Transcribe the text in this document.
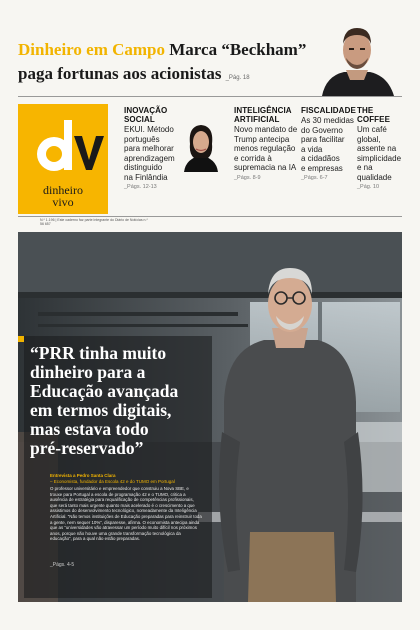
Dinheiro em Campo Marca “Beckham”
paga fortunas aos acionistas _Pág. 18
dinheiro
vivo
N.º 1.196 | Este caderno faz parte integrante do Diário de Notícias n.º 56 657
INOVAÇÃO SOCIAL
EKUI. Método
português
para melhorar
aprendizagem
distinguido
na Finlândia
_Págs. 12-13
INTELIGÊNCIA ARTIFICIAL
Novo mandato de
Trump antecipa
menos regulação
e corrida à
supremacia na IA
_Págs. 8-9
FISCALIDADE
As 30 medidas
do Governo
para facilitar
a vida
a cidadãos
e empresas
_Págs. 6-7
THE COFFEE
Um café
global,
assente na
simplicidade
e na
qualidade
_Pág. 10
“PRR tinha muito
dinheiro para a
Educação avançada
em termos digitais,
mas estava todo
pré-reservado”
Entrevista a Pedro Santa Clara
– Economista, fundador da Escola 42 e do TUMO em Portugal
O professor universitário e empreendedor que construiu a Nova SBE, e trouxe para Portugal a escola de programação 42 e o TUMO, critica a ausência de estratégia para requalificação de competências profissionais, que será tanto mais urgente quanto mais acelerado é o crescimento a que assistimos do desenvolvimento tecnológico, nomeadamente da Inteligência Artificial. “Não temos instituições de Educação preparadas para reinstruir toda a gente, nem sequer 10%”, disparesse, afirma. O economista antecipa ainda que as “universidades vão atravessar um período muito difícil nos próximos anos, porque não houve uma grande transformação tecnológica da educação”, para a qual não estão preparadas.
_Págs. 4-5
